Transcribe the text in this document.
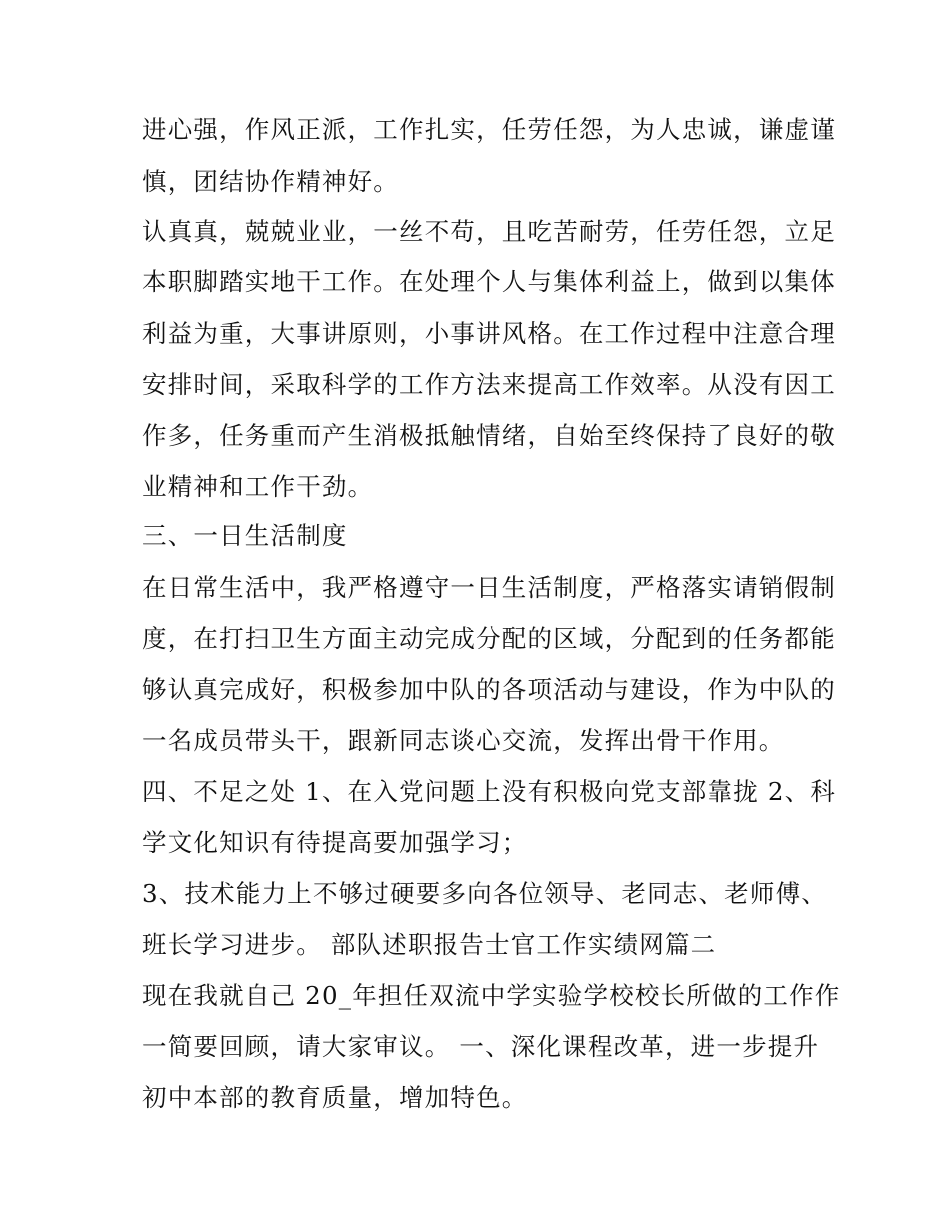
进心强，作风正派，工作扎实，任劳任怨，为人忠诚，谦虚谨
慎，团结协作精神好。
认真真，兢兢业业，一丝不苟，且吃苦耐劳，任劳任怨，立足
本职脚踏实地干工作。在处理个人与集体利益上，做到以集体
利益为重，大事讲原则，小事讲风格。在工作过程中注意合理
安排时间，采取科学的工作方法来提高工作效率。从没有因工
作多，任务重而产生消极抵触情绪，自始至终保持了良好的敬
业精神和工作干劲。
三、一日生活制度
在日常生活中，我严格遵守一日生活制度，严格落实请销假制
度，在打扫卫生方面主动完成分配的区域，分配到的任务都能
够认真完成好，积极参加中队的各项活动与建设，作为中队的
一名成员带头干，跟新同志谈心交流，发挥出骨干作用。
四、不足之处 1、在入党问题上没有积极向党支部靠拢 2、科
学文化知识有待提高要加强学习；
3、技术能力上不够过硬要多向各位领导、老同志、老师傅、
班长学习进步。 部队述职报告士官工作实绩网篇二
现在我就自己 20_年担任双流中学实验学校校长所做的工作作
一简要回顾，请大家审议。 一、深化课程改革，进一步提升
初中本部的教育质量，增加特色。
